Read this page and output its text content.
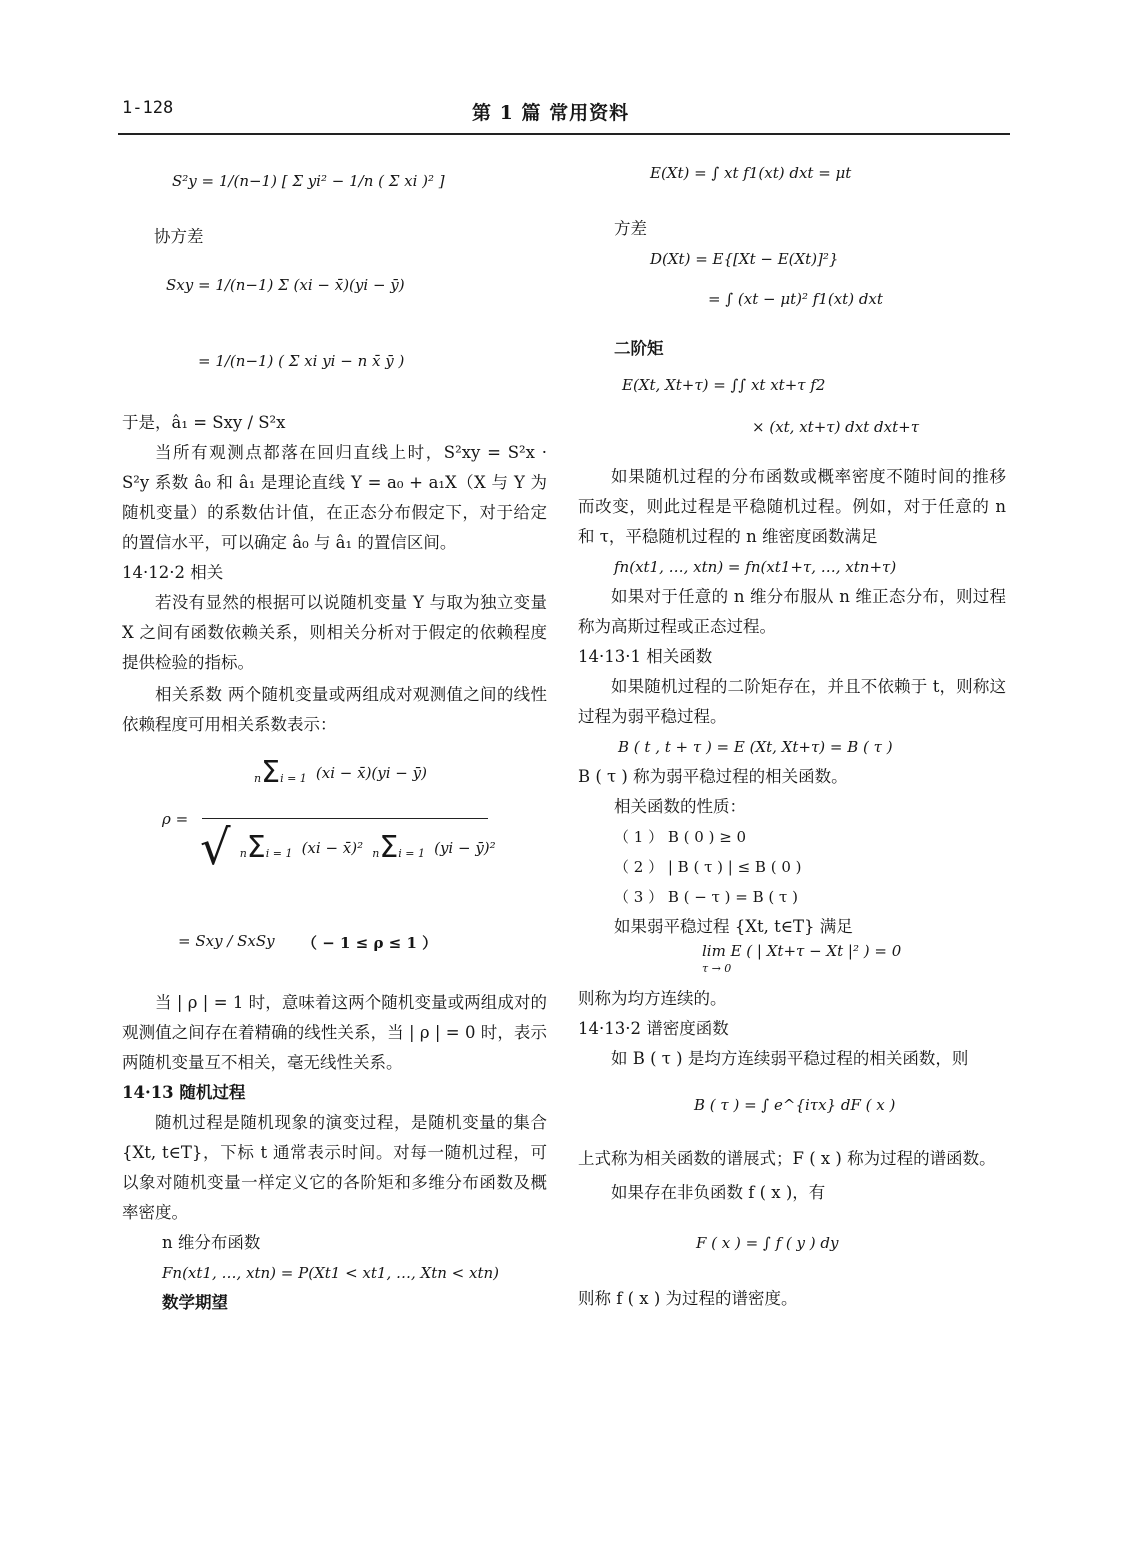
1-128	第 1 篇 常用资料
S²y = 1/(n−1) [ Σ yi² − 1/n ( Σ xi )² ]

协方差

Sxy = 1/(n−1) Σ (xi − x̄)(yi − ȳ)
= 1/(n−1) ( Σ xi yi − n x̄ ȳ )

于是，â₁ = Sxy / S²x

当所有观测点都落在回归直线上时，S²xy = S²x · S²y 系数 â₀ 和 â₁ 是理论直线 Y = a₀ + a₁X（X 与 Y 为随机变量）的系数估计值，在正态分布假定下，对于给定的置信水平，可以确定 â₀ 与 â₁ 的置信区间。

14·12·2 相关

若没有显然的根据可以说随机变量 Y 与取为独立变量 X 之间有函数依赖关系，则相关分析对于假定的依赖程度提供检验的指标。

相关系数 两个随机变量或两组成对观测值之间的线性依赖程度可用相关系数表示：

ρ =
nΣi = 1 (xi − x̄)(yi − ȳ)
√ nΣi = 1 (xi − x̄)² nΣi = 1 (yi − ȳ)²
= Sxy / SxSy （ − 1 ≤ ρ ≤ 1 ）

当 | ρ | = 1 时，意味着这两个随机变量或两组成对的观测值之间存在着精确的线性关系，当 | ρ | = 0 时，表示两随机变量互不相关，毫无线性关系。

14·13 随机过程

随机过程是随机现象的演变过程，是随机变量的集合 {Xt, t∈T}，下标 t 通常表示时间。对每一随机过程，可以象对随机变量一样定义它的各阶矩和多维分布函数及概率密度。

n 维分布函数

Fn(xt1, …, xtn) = P(Xt1 < xt1, …, Xtn < xtn)

数学期望

E(Xt) = ∫ xt f1(xt) dxt = μt

方差

D(Xt) = E{[Xt − E(Xt)]²}

= ∫ (xt − μt)² f1(xt) dxt

二阶矩

E(Xt, Xt+τ) = ∫∫ xt xt+τ f2
× (xt, xt+τ) dxt dxt+τ

如果随机过程的分布函数或概率密度不随时间的推移而改变，则此过程是平稳随机过程。例如，对于任意的 n 和 τ，平稳随机过程的 n 维密度函数满足

fn(xt1, …, xtn) = fn(xt1+τ, …, xtn+τ)

如果对于任意的 n 维分布服从 n 维正态分布，则过程称为高斯过程或正态过程。

14·13·1 相关函数

如果随机过程的二阶矩存在，并且不依赖于 t，则称这过程为弱平稳过程。

B ( t , t + τ ) = E (Xt, Xt+τ) = B ( τ )

B ( τ ) 称为弱平稳过程的相关函数。

相关函数的性质：

（ 1 ） B ( 0 ) ≥ 0

（ 2 ） | B ( τ ) | ≤ B ( 0 )

（ 3 ） B ( − τ ) = B ( τ )

如果弱平稳过程 {Xt, t∈T} 满足

lim E ( | Xt+τ − Xt |² ) = 0
τ → 0

则称为均方连续的。

14·13·2 谱密度函数

如 B ( τ ) 是均方连续弱平稳过程的相关函数，则

B ( τ ) = ∫ e^{iτx} dF ( x )

上式称为相关函数的谱展式；F ( x ) 称为过程的谱函数。

如果存在非负函数 f ( x )，有

F ( x ) = ∫ f ( y ) dy

则称 f ( x ) 为过程的谱密度。
